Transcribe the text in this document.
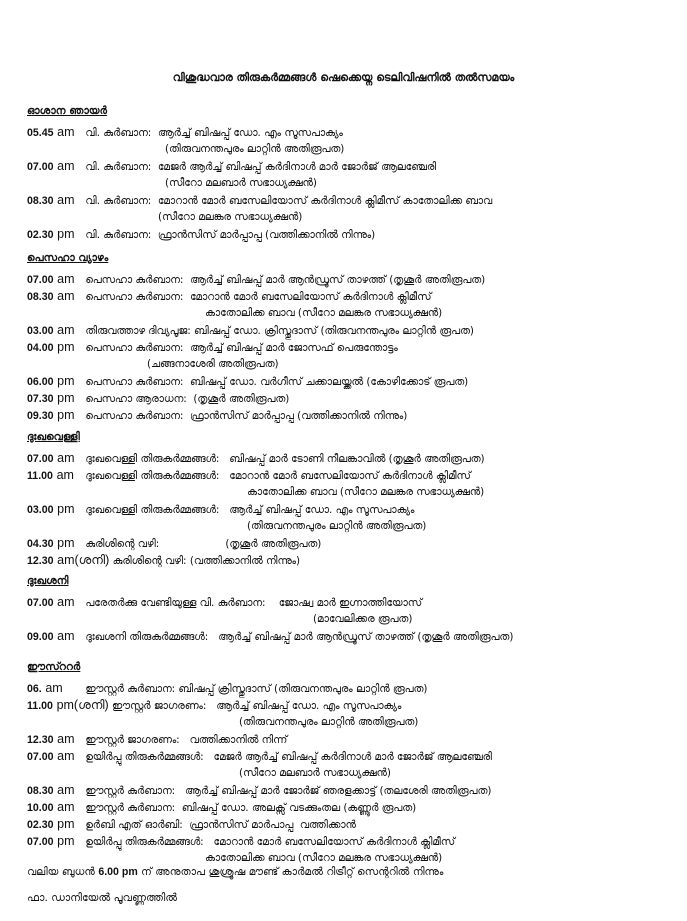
വിശുദ്ധവാര തിരുകർമ്മങ്ങൾ ഷെക്കെയ്ന ടെലിവിഷനിൽ തൽസമയം
ഓശാന ഞായർ
05.45 am വി. കുർബാന:  ആർച്ച് ബിഷപ്പ് ഡോ. എം സൂസപാക്യം
(തിരുവനന്തപുരം ലാറ്റിൻ അതിരൂപത)
07.00 am വി. കുർബാന:  മേജർ ആർച്ച് ബിഷപ്പ് കർദിനാൾ മാർ ജോർജ് ആലഞ്ചേരി
(സീറോ മലബാർ സഭാധ്യക്ഷൻ)
08.30 am വി. കുർബാന:  മോറാൻ മോർ ബസേലിയോസ് കർദിനാൾ ക്ലിമീസ് കാതോലിക്ക ബാവ
(സീറോ മലങ്കര സഭാധ്യക്ഷൻ)
02.30 pm വി. കുർബാന:  ഫ്രാൻസിസ് മാർപ്പാപ്പ (വത്തിക്കാനിൽ നിന്നും)
പെസഹാ വ്യാഴം
07.00 am പെസഹാ കുർബാന:  ആർച്ച് ബിഷപ്പ് മാർ ആൻഡ്രൂസ് താഴത്ത് (തൃശൂർ അതിരൂപത)
08.30 am പെസഹാ കുർബാന:  മോറാൻ മോർ ബസേലിയോസ് കർദിനാൾ ക്ലിമീസ്
കാതോലിക്ക ബാവ (സീറോ മലങ്കര സഭാധ്യക്ഷൻ)
03.00 am തിരുവത്താഴ ദിവ്യപൂജ: ബിഷപ്പ് ഡോ. ക്രിസ്തുദാസ് (തിരുവനന്തപുരം ലാറ്റിൻ രൂപത)
04.00 pm പെസഹാ കുർബാന:  ആർച്ച് ബിഷപ്പ് മാർ ജോസഫ് പെരുന്തോട്ടം
(ചങ്ങനാശേരി അതിരൂപത)
06.00 pm പെസഹാ കുർബാന:  ബിഷപ്പ് ഡോ. വർഗീസ് ചക്കാലയ്ക്കൽ (കോഴിക്കോട് രൂപത)
07.30 pm പെസഹാ ആരാധന:  (തൃശൂർ അതിരൂപത)
09.30 pm പെസഹാ കുർബാന:  ഫ്രാൻസിസ് മാർപ്പാപ്പ (വത്തിക്കാനിൽ നിന്നും)
ദുഃഖവെള്ളി
07.00 am ദുഃഖവെള്ളി തിരുകർമ്മങ്ങൾ:   ബിഷപ്പ് മാർ ടോണി നീലങ്കാവിൽ (തൃശൂർ അതിരൂപത)
11.00 am ദുഃഖവെള്ളി തിരുകർമ്മങ്ങൾ:   മോറാൻ മോർ ബസേലിയോസ് കർദിനാൾ ക്ലിമീസ്
കാതോലിക്ക ബാവ (സീറോ മലങ്കര സഭാധ്യക്ഷൻ)
03.00 pm ദുഃഖവെള്ളി തിരുകർമ്മങ്ങൾ:   ആർച്ച് ബിഷപ്പ് ഡോ. എം സൂസപാക്യം
(തിരുവനന്തപുരം ലാറ്റിൻ അതിരൂപത)
04.30 pm കുരിശിന്റെ വഴി:                    (തൃശൂർ അതിരൂപത)
12.30 am(ശനി) കുരിശിന്റെ വഴി: (വത്തിക്കാനിൽ നിന്നും)
ദുഃഖശനി
07.00 am പരേതർക്കു വേണ്ടിയുള്ള വി. കുർബാന:    ജോഷ്വ മാർ ഇഗ്നാത്തിയോസ്
(മാവേലിക്കര രൂപത)
09.00 am ദുഃഖശനി തിരുകർമ്മങ്ങൾ:   ആർച്ച് ബിഷപ്പ് മാർ ആൻഡ്രൂസ് താഴത്ത് (തൃശൂർ അതിരൂപത)
ഈസ്ററർ
06. am ഈസ്റ്റർ കുർബാന: ബിഷപ്പ് ക്രിസ്തുദാസ് (തിരുവനന്തപുരം ലാറ്റിൻ രൂപത)
11.00 pm(ശനി) ഈസ്റ്റർ ജാഗരണം:   ആർച്ച് ബിഷപ്പ് ഡോ. എം സൂസപാക്യം
(തിരുവനന്തപുരം ലാറ്റിൻ അതിരൂപത)
12.30 am ഈസ്റ്റർ ജാഗരണം:   വത്തിക്കാനിൽ നിന്ന്
07.00 am ഉയിർപ്പു തിരുകർമ്മങ്ങൾ:   മേജർ ആർച്ച് ബിഷപ്പ് കർദിനാൾ മാർ ജോർജ് ആലഞ്ചേരി
(സീറോ മലബാർ സഭാധ്യക്ഷൻ)
08.30 am ഈസ്റ്റർ കുർബാന:   ആർച്ച് ബിഷപ്പ് മാർ ജോർജ് ഞരളക്കാട്ട് (തലശേരി അതിരൂപത)
10.00 am ഈസ്റ്റർ കുർബാന:  ബിഷപ്പ് ഡോ. അലക്സ് വടക്കുംതല (കണ്ണൂർ രൂപത)
02.30 pm ഉർബി എത് ഓർബി:  ഫ്രാൻസിസ് മാർപാപ്പ  വത്തിക്കാൻ
07.00 pm ഉയിർപ്പു തിരുകർമ്മങ്ങൾ:   മോറാൻ മോർ ബസേലിയോസ് കർദിനാൾ ക്ലിമീസ്
കാതോലിക്ക ബാവ (സീറോ മലങ്കര സഭാധ്യക്ഷൻ)
വലിയ ബുധൻ 6.00 pm ന് അനുതാപ ശുശ്രൂഷ മൗണ്ട് കാർമൽ റിട്രീറ്റ് സെന്ററിൽ നിന്നും
ഫാ. ഡാനിയേൽ പൂവണ്ണത്തിൽ
